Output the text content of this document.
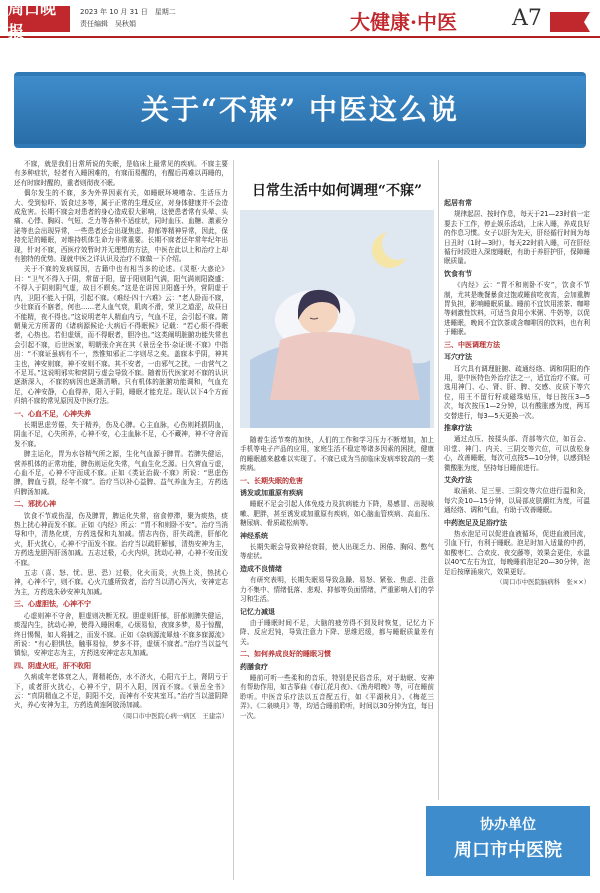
周口晚报
2023 年 10 月 31 日　星期二
责任编辑　吴秋娟	大健康·中医	A7
关于“不寐” 中医这么说

不寐，就是我们日常所说的失眠，是临床上最常见的疾病。不寐主要有多种症状，轻者有入睡困难的，有寐而易醒的，有醒后再难以再睡的，还有时寐时醒的，重者则彻夜不眠。

偶尔发生的不寐，多为外界因素有关，如睡眠环境嘈杂、生活压力大、受到惊吓、饭食过多等，属于正常的生理反应，对身体健康并不会造成危害。长期不寐会对患者的身心造成很大影响，这使患者常有头晕、头痛、心悸、胸闷、气短、乏力等各种不适症状，同时血压、血糖、激素分泌等也会出现异常，一些患者还会出现焦虑、抑郁等精神异常，因此，保持充足的睡眠，对维持机体生命力非常重要。长期不寐者还年常年纪年出现，针对不寐，西医疗效暂时并无理想的方法，中医在此以上和治疗上却有独特的优势。现就中医之详认识及治疗不寐做一下介绍。

关于不寐的发病原因，古籍中也有相当多的论述。《灵枢·大惑论》曰：“卫气不得入于阴，常留于阳，留于阳则阳气满，阳气满则阳跷盛；不得入于阴则阴气虚，故目不瞑矣。”这是在讲因卫阳盛于外，营阴虚于内，卫阳不能入于阴，引起不寐。《难经·四十六难》云：“老人卧而不寐，少壮寐而不寤者，何也……老人血气衰，肌肉不滑，荣卫之道涩，故昼日不能精，夜不得也。”这说明老年人精血内亏，气血不足，会引起不寐。隋朝巢元方所著的《诸病源候论·大病后不得眠候》记载：“若心烦不得眠者，心热也。若但虚烦，而不得眠者，胆冷也。”这类阐明脏腑功能失常也会引起不寐，后世医家，明朝张介宾在其《景岳全书·杂证谟·不寐》中指出：“不寐证虽病有不一，然惟知邪正二字则尽之矣。盖寐本乎阴，神其主也，神安则寐，神不安则不寐。其不安者，一由邪气之扰，一由营气之不足耳。”这说明邪实和营阴亏虚会导致不寐。随着历代医家对不寐的认识逐渐深入，不寐的病因也逐渐清晰。只有机体的脏腑功能调和，气血充足，心神安静，心血得养，阳入于阴，睡眠才能充足。现认以下4个方面归纳不寐的常见原因及中医疗法。

一、心血不足，心神失养

长期思虑劳倦，失于精养，伤及心脾。心主血脉，心伤则耗损阴血，阴血不足，心失所养，心神不安，心主血脉不足，心不藏神，神不守舍而发不寐。

脾主运化，胃为水谷精气所之源，生化气血源于脾胃。若脾失健运，营养机体的正常功能，脾伤则运化失常，气血生化乏源。日久营血亏虚，心血不足，心神不守而成不寐。正如《类证治裁·不寐》所说：“思虑伤脾，脾血亏损，经年不寐”。治疗当以补心益脾、益气养血为主，方药选归脾汤加减。

二、邪扰心神

饮食不节或伤湿，伤及脾胃，脾运化失常，宿食停滞，聚为痰热，痰热上扰心神而发不寐。正如《内经》所云：“胃不和则卧不安”。治疗当消导和中，清热化痰，方药选保和丸加减。情志内伤，肝失疏泄，肝郁化火，肝火扰心，心神不宁而发不寐。治疗当以疏肝解郁，清热安神为主，方药选龙胆泻肝汤加减。五志过极，心火内炽，扰动心神，心神不安而发不寐。

五志（喜、怒、忧、思、恐）过极，化火而炎，火热上炎，热扰心神，心神不宁，则不寐。心火亢盛所致者，治疗当以清心泻火，安神定志为主，方药选朱砂安神丸加减。

三、心虚胆怯，心神不宁

心虚则神不守舍，胆虚则决断无权。胆虚则肝郁，肝郁则脾失健运，痰湿内生，扰动心神，使得入睡困难，心烦易惊，夜寐多梦，易于惊醒，终日惕惕，如人将捕之，而发不寐。正如《杂病源流犀烛·不寐多寐源流》所说：“有心胆惧怯，触事易惊，梦多不祥，虚烦不寐者。”治疗当以益气镇惊，安神定志为主，方药选安神定志丸加减。

四、阴虚火旺，肝不收阳

久病或年老体衰之人，肾精耗伤，水不济火，心阳亢于上，肾阴亏于下，或者肝火扰心，心神不宁，阴不入阳，因而不寐。《景岳全书》云：“真阴精血之不足，阴阳不交，而神有不安其室耳。”治疗当以滋阴降火，养心安神为主，方药选黄连阿胶汤加减。

（周口市中医院心病一病区　王建宗）
日常生活中如何调理“不寐”

随着生活节奏的加快，人们的工作和学习压力不断增加，加上手机等电子产品的应用，家庭生活不稳定等诸多因素的困扰，健康的睡眠越来越难以实现了。不寐已成为当前临床发病率较高的一类疾病。

一、长期失眠的危害
诱发或加重原有疾病

睡眠不足会引起人体免疫力及抗病能力下降，易感冒、出现咳嗽、肥胖，甚至诱发或加重原有疾病，如心脑血管疾病、高血压、糖尿病、骨质疏松病等。

神经系统

长期失眠会导致神经衰弱，使人出现乏力、困倦、胸闷、憋气等症状。

造成不良情绪

有研究表明，长期失眠易导致急躁、易怒、紧张、焦虑、注意力不集中、情绪低落、悲观、抑郁等负面情绪，严重影响人们的学习和生活。

记忆力减退

由于睡眠时间不足，大脑的疲劳得不到及时恢复，记忆力下降、反应迟钝，导致注意力下降、思维迟缓，都与睡眠质量差有关。

二、如何养成良好的睡眠习惯
药膳食疗

睡前可听一些柔和的音乐，特别是民俗音乐，对于助眠、安神有帮助作用，如古筝曲《春江花月夜》、《渔舟唱晚》等，可在睡前聆听。中医音乐疗法以五音配五行，如《平湖秋月》、《梅花三弄》、《二泉映月》等，均适合睡前聆听，时间以30分钟为宜，每日一次。

起居有常

规律起居、按时作息，每天于21—23时前一定要去下工作，停止娱乐活动，上床入睡，养成良好的作息习惯。女子以肝为先天，肝经循行时间为每日丑时（1时—3时），每天22时前入睡，可在肝经循行时段进入深度睡眠，有助于养肝护肝，保障睡眠质量。

饮食有节

《内经》云：“胃不和则卧不安”，饮食不节制，尤其是晚餐暴食过饱或睡前吃夜宵，会加重脾胃负担，影响睡眠质量。睡前不宜饮用浓茶、咖啡等刺激性饮料，可适当食用小米粥、牛奶等，以促进睡眠，晚间不宜饮茶或含咖啡因的饮料，也有利于睡眠。

三、中医调理方法
耳穴疗法

耳穴具有调理脏腑、疏通经络、调和阴阳的作用，是中医特色外治疗法之一，适宜治疗不寐。可选用神门、心、肾、肝、脾、交感、皮质下等穴位，用王不留行籽或磁珠贴压，每日按压3—5次，每次按压1—2分钟，以有酸胀感为度，两耳交替进行，每3—5天更换一次。

推拿疗法

通过点压、按揉头部、背部等穴位，如百会、印堂、神门、内关、三阴交等穴位，可以放松身心，改善睡眠，每次可点按5—10分钟，以感到轻微酸胀为度，坚持每日睡前进行。

艾灸疗法

取涌泉、足三里、三阴交等穴位进行温和灸，每穴灸10—15分钟，以局部皮肤潮红为度，可温通经络、调和气血，有助于改善睡眠。

中药泡足及足浴疗法

热水泡足可以促进血液循环，促进血液回流，引血下行，有利于睡眠。泡足时加入适量的中药，如酸枣仁、合欢皮、夜交藤等，效果会更佳，水温以40℃左右为宜，每晚睡前泡足20—30分钟，泡足后按摩涌泉穴，效果更好。

（周口市中医院脑病科　张××）
协办单位
周口市中医院
